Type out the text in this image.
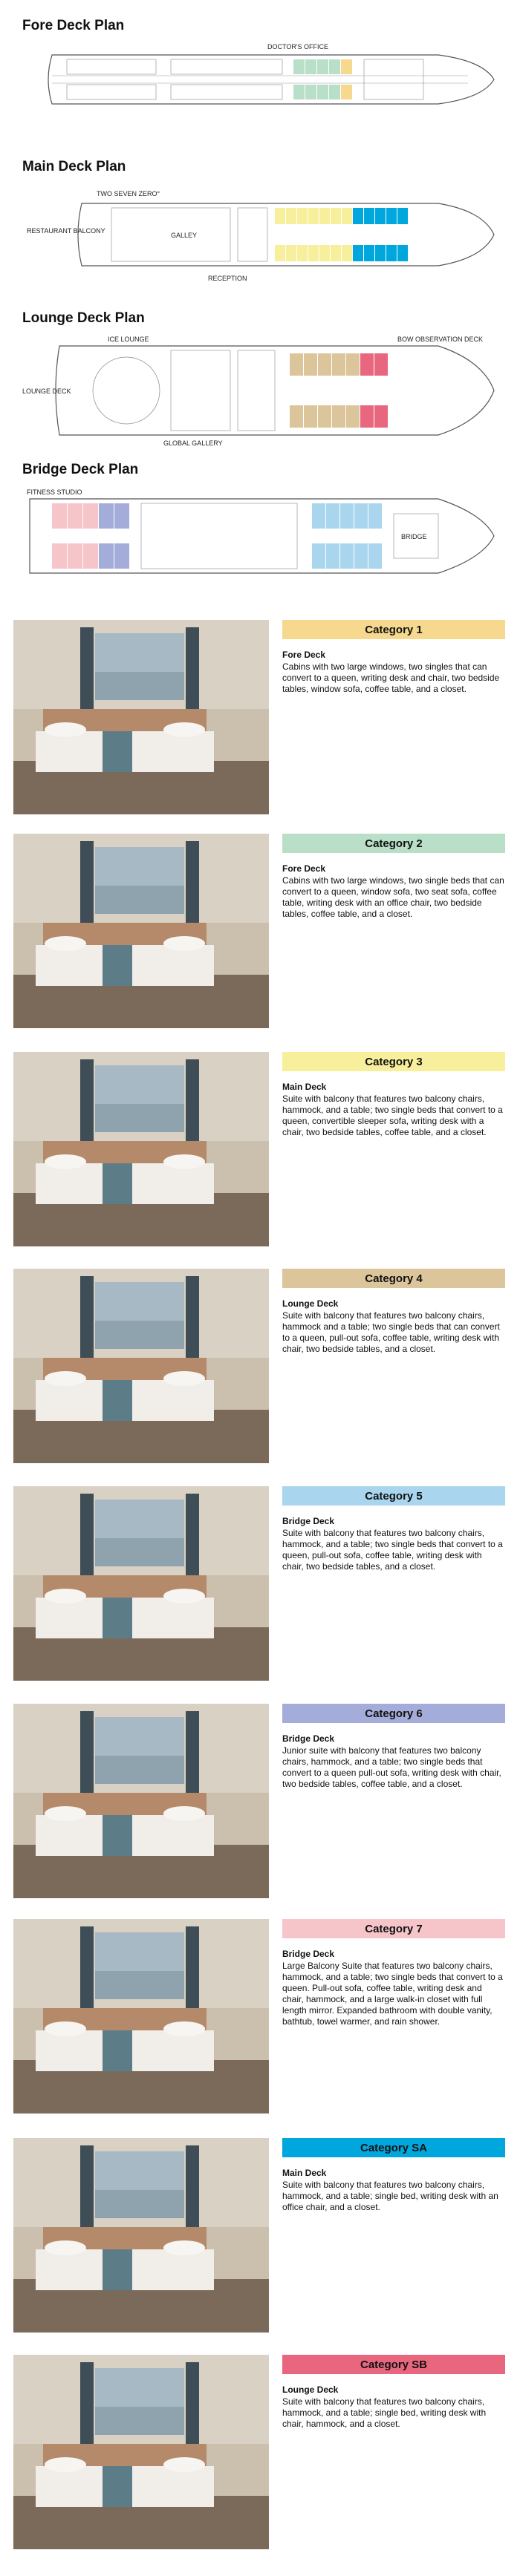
Fore Deck Plan
DOCTOR'S OFFICE
Main Deck Plan
TWO SEVEN ZERO°
RESTAURANT BALCONY
GALLEY
RECEPTION
Lounge Deck Plan
ICE LOUNGE	BOW OBSERVATION DECK
LOUNGE DECK
GLOBAL GALLERY
Bridge Deck Plan
FITNESS STUDIO
BRIDGE
Category 1
Fore Deck
Cabins with two large windows, two singles that can convert to a queen, writing desk and chair, two bedside tables, window sofa, coffee table, and a closet.
Category 2
Fore Deck
Cabins with two large windows, two single beds that can convert to a queen, window sofa, two seat sofa, coffee table, writing desk with an office chair, two bedside tables, coffee table, and a closet.
Category 3
Main Deck
Suite with balcony that features two balcony chairs, hammock, and a table; two single beds that convert to a queen, convertible sleeper sofa, writing desk with a chair, two bedside tables, coffee table, and a closet.
Category 4
Lounge Deck
Suite with balcony that features two balcony chairs, hammock and a table; two single beds that can convert to a queen, pull-out sofa, coffee table, writing desk with chair, two bedside tables, and a closet.
Category 5
Bridge Deck
Suite with balcony that features two balcony chairs, hammock, and a table; two single beds that convert to a queen, pull-out sofa, coffee table, writing desk with chair, two bedside tables, and a closet.
Category 6
Bridge Deck
Junior suite with balcony that features two balcony chairs, hammock, and a table; two single beds that convert to a queen pull-out sofa, writing desk with chair, two bedside tables, coffee table, and a closet.
Category 7
Bridge Deck
Large Balcony Suite that features two balcony chairs, hammock, and a table; two single beds that convert to a queen. Pull-out sofa, coffee table, writing desk and chair, hammock, and a large walk-in closet with full length mirror. Expanded bathroom with double vanity, bathtub, towel warmer, and rain shower.
Category SA
Main Deck
Suite with balcony that features two balcony chairs, hammock, and a table; single bed, writing desk with an office chair, and a closet.
Category SB
Lounge Deck
Suite with balcony that features two balcony chairs, hammock, and a table; single bed, writing desk with chair, hammock, and a closet.
